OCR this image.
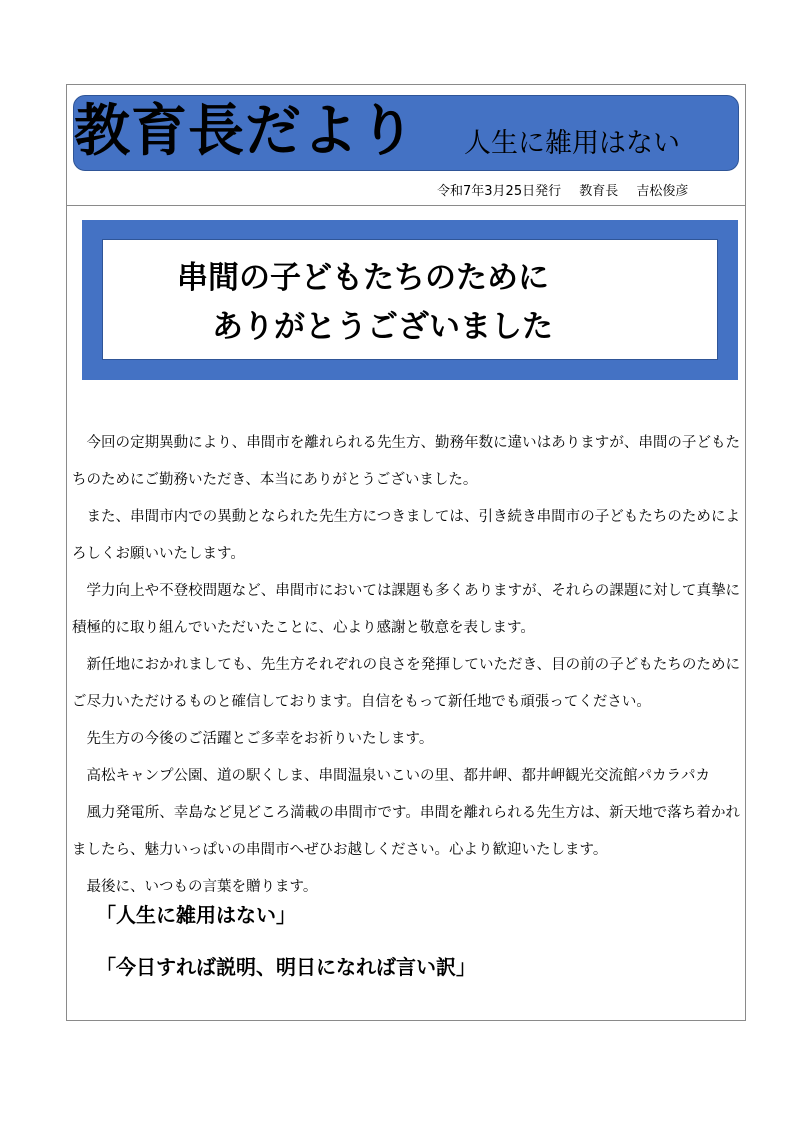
教育長だより 人生に雑用はない
令和7年3月25日発行 教育長 吉松俊彦
串間の子どもたちのために
ありがとうございました

今回の定期異動により、串間市を離れられる先生方、勤務年数に違いはありますが、串間の子どもたちのためにご勤務いただき、本当にありがとうございました。

また、串間市内での異動となられた先生方につきましては、引き続き串間市の子どもたちのためによろしくお願いいたします。

学力向上や不登校問題など、串間市においては課題も多くありますが、それらの課題に対して真摯に積極的に取り組んでいただいたことに、心より感謝と敬意を表します。

新任地におかれましても、先生方それぞれの良さを発揮していただき、目の前の子どもたちのためにご尽力いただけるものと確信しております。自信をもって新任地でも頑張ってください。

先生方の今後のご活躍とご多幸をお祈りいたします。

高松キャンプ公園、道の駅くしま、串間温泉いこいの里、都井岬、都井岬観光交流館パカラパカ

風力発電所、幸島など見どころ満載の串間市です。串間を離れられる先生方は、新天地で落ち着かれましたら、魅力いっぱいの串間市へぜひお越しください。心より歓迎いたします。

最後に、いつもの言葉を贈ります。

「人生に雑用はない」
「今日すれば説明、明日になれば言い訳」
